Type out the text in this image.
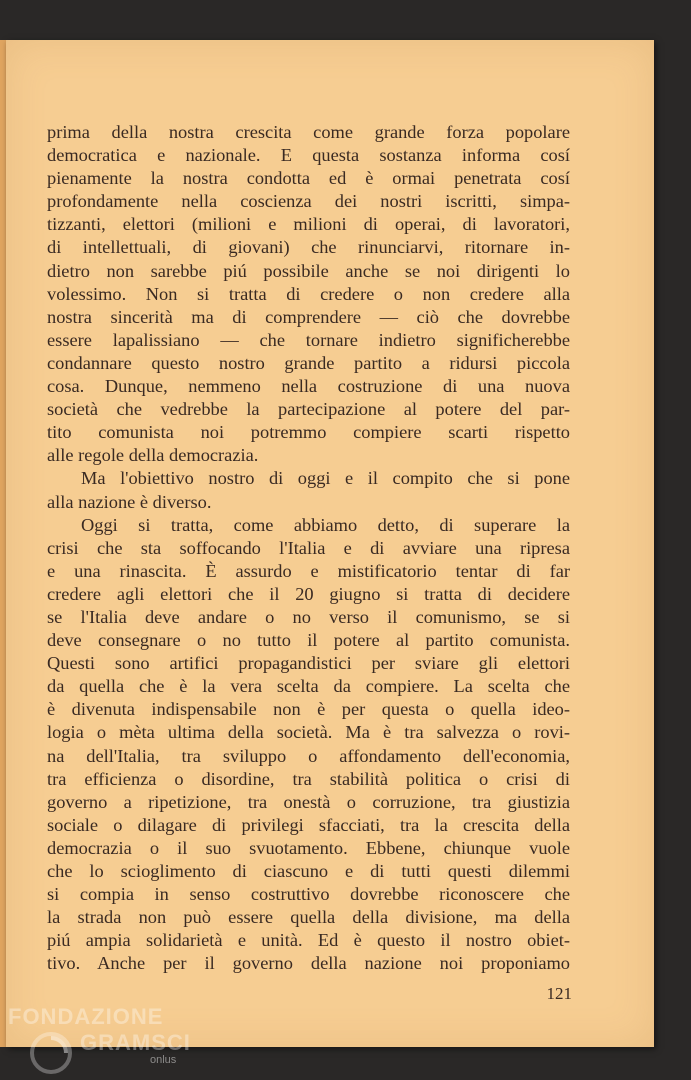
prima della nostra crescita come grande forza popolare
democratica e nazionale. E questa sostanza informa cosí
pienamente la nostra condotta ed è ormai penetrata cosí
profondamente nella coscienza dei nostri iscritti, simpa-
tizzanti, elettori (milioni e milioni di operai, di lavoratori,
di intellettuali, di giovani) che rinunciarvi, ritornare in-
dietro non sarebbe piú possibile anche se noi dirigenti lo
volessimo. Non si tratta di credere o non credere alla
nostra sincerità ma di comprendere — ciò che dovrebbe
essere lapalissiano — che tornare indietro significherebbe
condannare questo nostro grande partito a ridursi piccola
cosa. Dunque, nemmeno nella costruzione di una nuova
società che vedrebbe la partecipazione al potere del par-
tito comunista noi potremmo compiere scarti rispetto
alle regole della democrazia.
Ma l'obiettivo nostro di oggi e il compito che si pone
alla nazione è diverso.
Oggi si tratta, come abbiamo detto, di superare la
crisi che sta soffocando l'Italia e di avviare una ripresa
e una rinascita. È assurdo e mistificatorio tentar di far
credere agli elettori che il 20 giugno si tratta di decidere
se l'Italia deve andare o no verso il comunismo, se si
deve consegnare o no tutto il potere al partito comunista.
Questi sono artifici propagandistici per sviare gli elettori
da quella che è la vera scelta da compiere. La scelta che
è divenuta indispensabile non è per questa o quella ideo-
logia o mèta ultima della società. Ma è tra salvezza o rovi-
na dell'Italia, tra sviluppo o affondamento dell'economia,
tra efficienza o disordine, tra stabilità politica o crisi di
governo a ripetizione, tra onestà o corruzione, tra giustizia
sociale o dilagare di privilegi sfacciati, tra la crescita della
democrazia o il suo svuotamento. Ebbene, chiunque vuole
che lo scioglimento di ciascuno e di tutti questi dilemmi
si compia in senso costruttivo dovrebbe riconoscere che
la strada non può essere quella della divisione, ma della
piú ampia solidarietà e unità. Ed è questo il nostro obiet-
tivo. Anche per il governo della nazione noi proponiamo
121
FONDAZIONE
GRAMSCI
onlus
